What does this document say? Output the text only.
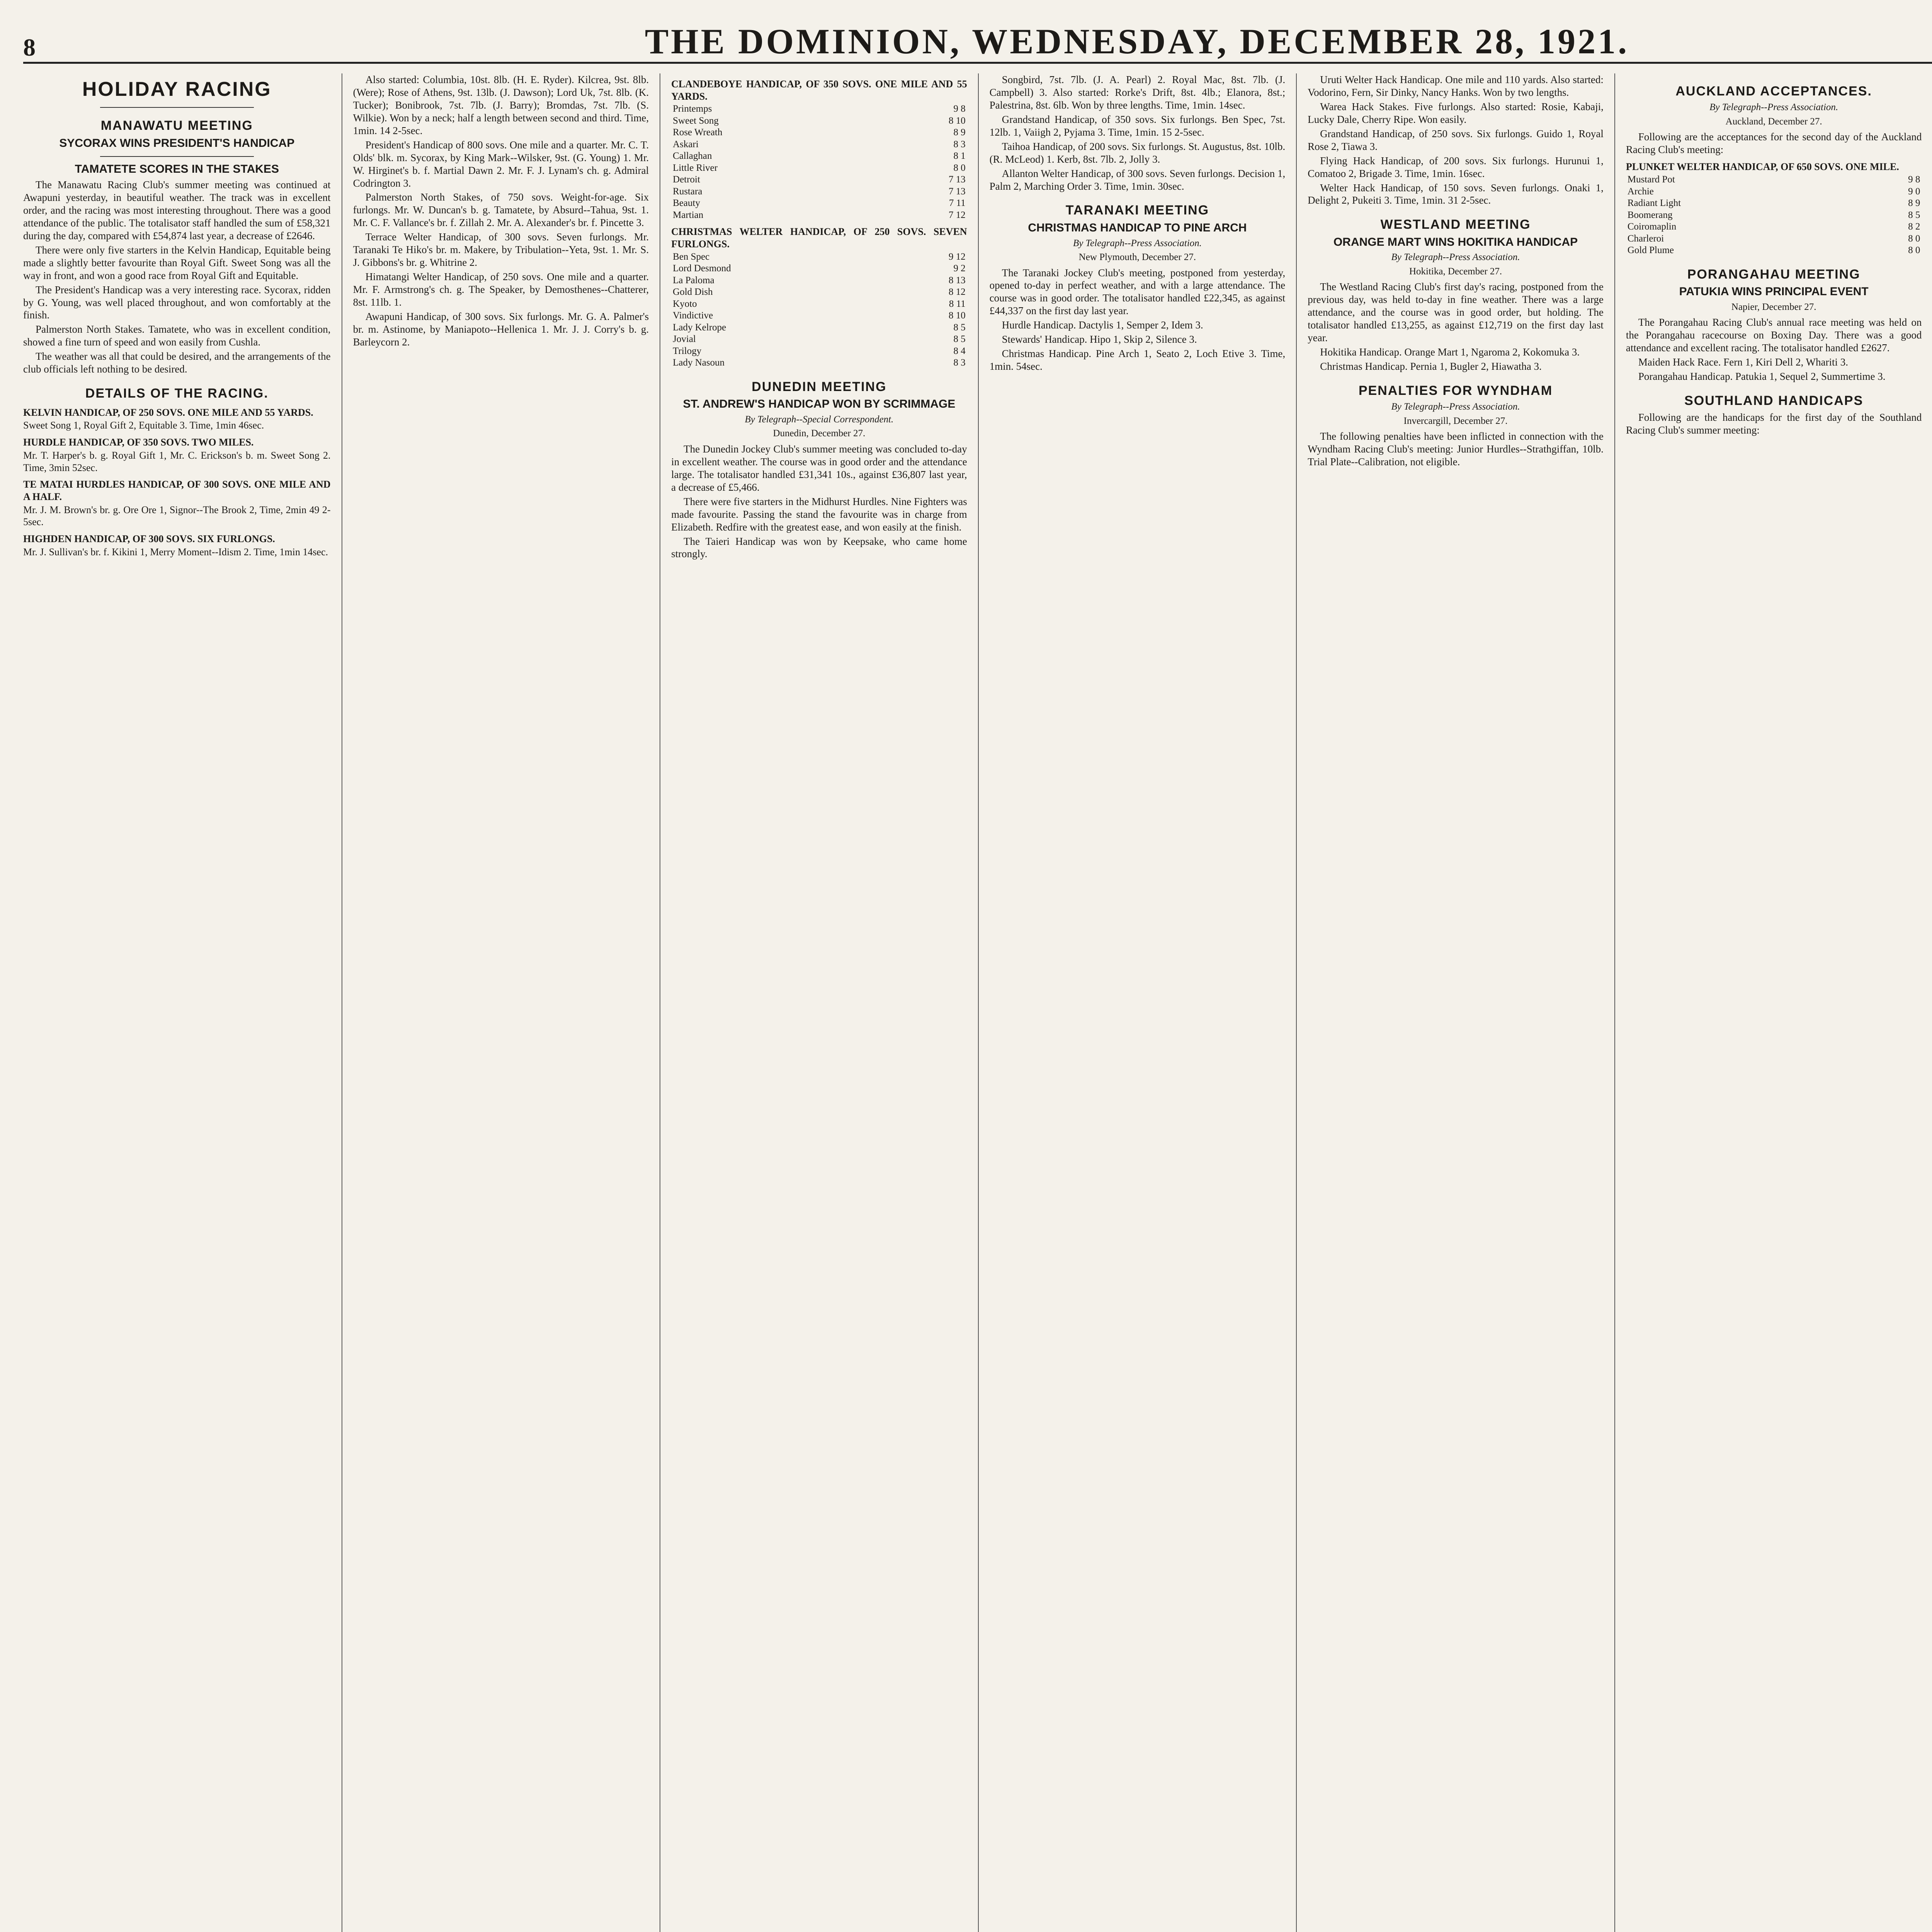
8	THE DOMINION, WEDNESDAY, DECEMBER 28, 1921.
HOLIDAY RACING
MANAWATU MEETING
SYCORAX WINS PRESIDENT'S HANDICAP
TAMATETE SCORES IN THE STAKES

The Manawatu Racing Club's summer meeting was continued at Awapuni yesterday, in beautiful weather. The track was in excellent order, and the racing was most interesting throughout. There was a good attendance of the public. The totalisator staff handled the sum of £58,321 during the day, compared with £54,874 last year, a decrease of £2646.

There were only five starters in the Kelvin Handicap, Equitable being made a slightly better favourite than Royal Gift. Sweet Song was all the way in front, and won a good race from Royal Gift and Equitable.

The President's Handicap was a very interesting race. Sycorax, ridden by G. Young, was well placed throughout, and won comfortably at the finish.

Palmerston North Stakes. Tamatete, who was in excellent condition, showed a fine turn of speed and won easily from Cushla.

The weather was all that could be desired, and the arrangements of the club officials left nothing to be desired.

DETAILS OF THE RACING.
KELVIN HANDICAP, OF 250 SOVS. ONE MILE AND 55 YARDS.

Sweet Song 1, Royal Gift 2, Equitable 3. Time, 1min 46sec.

HURDLE HANDICAP, OF 350 SOVS. TWO MILES.

Mr. T. Harper's b. g. Royal Gift 1, Mr. C. Erickson's b. m. Sweet Song 2. Time, 3min 52sec.

TE MATAI HURDLES HANDICAP, OF 300 SOVS. ONE MILE AND A HALF.

Mr. J. M. Brown's br. g. Ore Ore 1, Signor--The Brook 2, Time, 2min 49 2-5sec.

HIGHDEN HANDICAP, OF 300 SOVS. SIX FURLONGS.

Mr. J. Sullivan's br. f. Kikini 1, Merry Moment--Idism 2. Time, 1min 14sec.

Also started: Columbia, 10st. 8lb. (H. E. Ryder). Kilcrea, 9st. 8lb. (Were); Rose of Athens, 9st. 13lb. (J. Dawson); Lord Uk, 7st. 8lb. (K. Tucker); Bonibrook, 7st. 7lb. (J. Barry); Bromdas, 7st. 7lb. (S. Wilkie). Won by a neck; half a length between second and third. Time, 1min. 14 2-5sec.

President's Handicap of 800 sovs. One mile and a quarter. Mr. C. T. Olds' blk. m. Sycorax, by King Mark--Wilsker, 9st. (G. Young) 1. Mr. W. Hirginet's b. f. Martial Dawn 2. Mr. F. J. Lynam's ch. g. Admiral Codrington 3.

Palmerston North Stakes, of 750 sovs. Weight-for-age. Six furlongs. Mr. W. Duncan's b. g. Tamatete, by Absurd--Tahua, 9st. 1. Mr. C. F. Vallance's br. f. Zillah 2. Mr. A. Alexander's br. f. Pincette 3.

Terrace Welter Handicap, of 300 sovs. Seven furlongs. Mr. Taranaki Te Hiko's br. m. Makere, by Tribulation--Yeta, 9st. 1. Mr. S. J. Gibbons's br. g. Whitrine 2.

Himatangi Welter Handicap, of 250 sovs. One mile and a quarter. Mr. F. Armstrong's ch. g. The Speaker, by Demosthenes--Chatterer, 8st. 11lb. 1.

Awapuni Handicap, of 300 sovs. Six furlongs. Mr. G. A. Palmer's br. m. Astinome, by Maniapoto--Hellenica 1. Mr. J. J. Corry's b. g. Barleycorn 2.

CLANDEBOYE HANDICAP, OF 350 SOVS. ONE MILE AND 55 YARDS.
Printemps	9 8
Sweet Song	8 10
Rose Wreath	8 9
Askari	8 3
Callaghan	8 1
Little River	8 0
Detroit	7 13
Rustara	7 13
Beauty	7 11
Martian	7 12
CHRISTMAS WELTER HANDICAP, OF 250 SOVS. SEVEN FURLONGS.
Ben Spec	9 12
Lord Desmond	9 2
La Paloma	8 13
Gold Dish	8 12
Kyoto	8 11
Vindictive	8 10
Lady Kelrope	8 5
Jovial	8 5
Trilogy	8 4
Lady Nasoun	8 3
DUNEDIN MEETING
ST. ANDREW'S HANDICAP WON BY SCRIMMAGE
By Telegraph--Special Correspondent.
Dunedin, December 27.

The Dunedin Jockey Club's summer meeting was concluded to-day in excellent weather. The course was in good order and the attendance large. The totalisator handled £31,341 10s., against £36,807 last year, a decrease of £5,466.

There were five starters in the Midhurst Hurdles. Nine Fighters was made favourite. Passing the stand the favourite was in charge from Elizabeth. Redfire with the greatest ease, and won easily at the finish.

The Taieri Handicap was won by Keepsake, who came home strongly.

Songbird, 7st. 7lb. (J. A. Pearl) 2. Royal Mac, 8st. 7lb. (J. Campbell) 3. Also started: Rorke's Drift, 8st. 4lb.; Elanora, 8st.; Palestrina, 8st. 6lb. Won by three lengths. Time, 1min. 14sec.

Grandstand Handicap, of 350 sovs. Six furlongs. Ben Spec, 7st. 12lb. 1, Vaiigh 2, Pyjama 3. Time, 1min. 15 2-5sec.

Taihoa Handicap, of 200 sovs. Six furlongs. St. Augustus, 8st. 10lb. (R. McLeod) 1. Kerb, 8st. 7lb. 2, Jolly 3.

Allanton Welter Handicap, of 300 sovs. Seven furlongs. Decision 1, Palm 2, Marching Order 3. Time, 1min. 30sec.

TARANAKI MEETING
CHRISTMAS HANDICAP TO PINE ARCH
By Telegraph--Press Association.
New Plymouth, December 27.

The Taranaki Jockey Club's meeting, postponed from yesterday, opened to-day in perfect weather, and with a large attendance. The course was in good order. The totalisator handled £22,345, as against £44,337 on the first day last year.

Hurdle Handicap. Dactylis 1, Semper 2, Idem 3.

Stewards' Handicap. Hipo 1, Skip 2, Silence 3.

Christmas Handicap. Pine Arch 1, Seato 2, Loch Etive 3. Time, 1min. 54sec.

Uruti Welter Hack Handicap. One mile and 110 yards. Also started: Vodorino, Fern, Sir Dinky, Nancy Hanks. Won by two lengths.

Warea Hack Stakes. Five furlongs. Also started: Rosie, Kabaji, Lucky Dale, Cherry Ripe. Won easily.

Grandstand Handicap, of 250 sovs. Six furlongs. Guido 1, Royal Rose 2, Tiawa 3.

Flying Hack Handicap, of 200 sovs. Six furlongs. Hurunui 1, Comatoo 2, Brigade 3. Time, 1min. 16sec.

Welter Hack Handicap, of 150 sovs. Seven furlongs. Onaki 1, Delight 2, Pukeiti 3. Time, 1min. 31 2-5sec.

WESTLAND MEETING
ORANGE MART WINS HOKITIKA HANDICAP
By Telegraph--Press Association.
Hokitika, December 27.

The Westland Racing Club's first day's racing, postponed from the previous day, was held to-day in fine weather. There was a large attendance, and the course was in good order, but holding. The totalisator handled £13,255, as against £12,719 on the first day last year.

Hokitika Handicap. Orange Mart 1, Ngaroma 2, Kokomuka 3.

Christmas Handicap. Pernia 1, Bugler 2, Hiawatha 3.

PENALTIES FOR WYNDHAM
By Telegraph--Press Association.
Invercargill, December 27.

The following penalties have been inflicted in connection with the Wyndham Racing Club's meeting: Junior Hurdles--Strathgiffan, 10lb. Trial Plate--Calibration, not eligible.

AUCKLAND ACCEPTANCES.
By Telegraph--Press Association.
Auckland, December 27.

Following are the acceptances for the second day of the Auckland Racing Club's meeting:

PLUNKET WELTER HANDICAP, OF 650 SOVS. ONE MILE.
Mustard Pot	9 8
Archie	9 0
Radiant Light	8 9
Boomerang	8 5
Coiromaplin	8 2
Charleroi	8 0
Gold Plume	8 0
PORANGAHAU MEETING
PATUKIA WINS PRINCIPAL EVENT
Napier, December 27.

The Porangahau Racing Club's annual race meeting was held on the Porangahau racecourse on Boxing Day. There was a good attendance and excellent racing. The totalisator handled £2627.

Maiden Hack Race. Fern 1, Kiri Dell 2, Whariti 3.

Porangahau Handicap. Patukia 1, Sequel 2, Summertime 3.

SOUTHLAND HANDICAPS

Following are the handicaps for the first day of the Southland Racing Club's summer meeting:
